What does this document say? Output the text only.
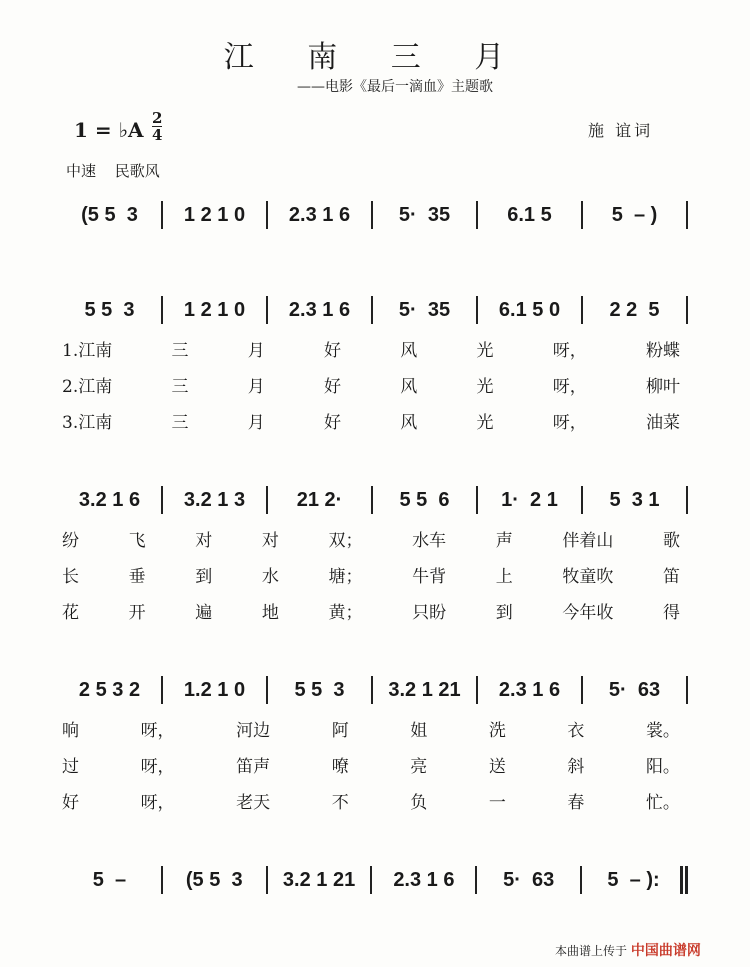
江 南 三 月
——电影《最后一滴血》主题歌
1 = ♭A 2
4	施 谊词
中速 民歌风
(5 5  3	1 2 1 0	2.3 1 6	5·  35	6.1 5	5  – )
5 5  3	1 2 1 0	2.3 1 6	5·  35	6.1 5 0	2 2  5
1.江南	三	月	好	风	光	呀，	粉蝶
2.江南	三	月	好	风	光	呀，	柳叶
3.江南	三	月	好	风	光	呀，	油菜
3.2 1 6	3.2 1 3	21 2·	5 5  6	1·  2 1	5  3 1
纷	飞	对	对	双；	水车	声	伴着山	歌
长	垂	到	水	塘；	牛背	上	牧童吹	笛
花	开	遍	地	黄；	只盼	到	今年收	得
2 5 3 2	1.2 1 0	5 5  3	3.2 1 21	2.3 1 6	5·  63
响	呀，	河边	阿	姐	洗	衣	裳。
过	呀，	笛声	嘹	亮	送	斜	阳。
好	呀，	老天	不	负	一	春	忙。
5  –	(5 5  3	3.2 1 21	2.3 1 6	5·  63	5  – ):
本曲谱上传于 中国曲谱网
